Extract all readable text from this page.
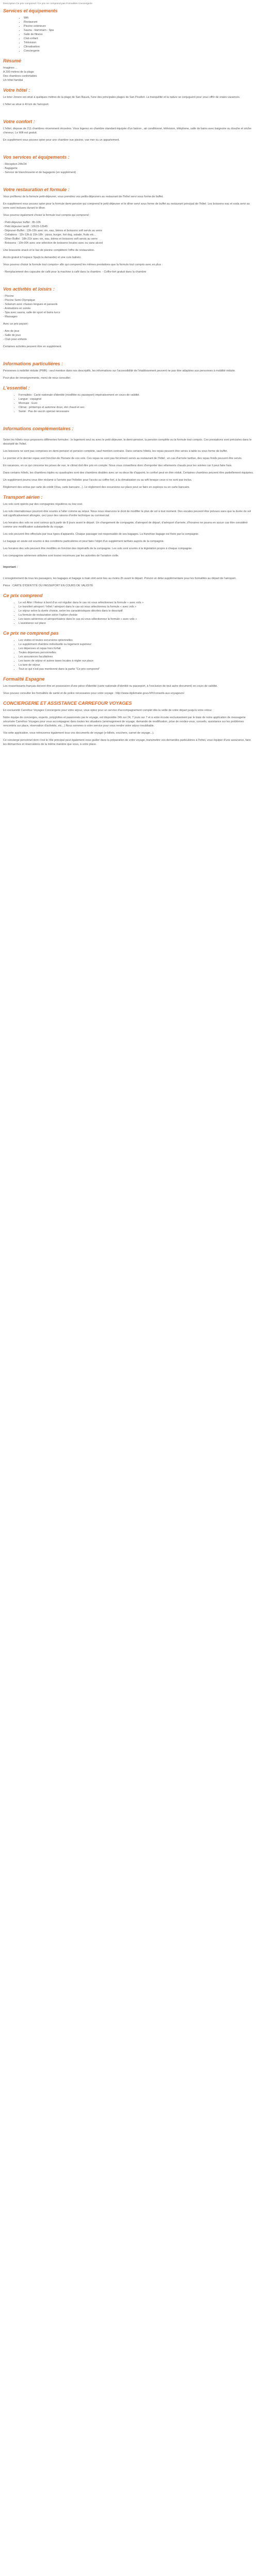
Description Ce prix comprend / Ce prix ne comprend pas Formalités Conciergerie
Services et équipements
• Wifi
• Restaurant
• Piscine extérieure
• Sauna - Hammam - Spa
• Salle de fitness
• Club enfant
• Télévision
• Climatisation
• Conciergerie
Résumé
Imagines ...
A 200 mètres de la plage
Des chambres confortables
Un hôtel familial
Votre hôtel :

Le brier Jonero est situé à quelques mètres de la plage de San Bauzá, l'une des principales plages de San Picafort. La tranquillité et la nature se conjuguent pour vous offrir de vraies vacances.

L'hôtel se situe à 40 km de l'aéroport.

Votre confort :

L'hôtel, dispose de 211 chambres récemment rénovées. Vous logerez en chambre standard équipée d'un balcon , air conditionné, télévision, téléphone, salle de bains avec baignoire ou douche et sèche cheveux. Le Wifi est gratuit.

En supplément vous pouvez opter pour une chambre vue piscine, vue mer ou un appartement.

Vos services et équipements :
- Réception 24h/24
- Bagagerie
- Service de blanchisserie et de bagagerie (en supplément)
Votre restauration et formule :

Vous profiterez de la formule petit-déjeuner, vous prendrez vos petits-déjeuners au restaurant de l'hôtel servi sous forme de buffet.

En supplément vous pouvez opter pour la formule demi-pension qui comprend le petit déjeuner et le dîner servi sous forme de buffet au restaurant principal de l'hôtel. Les boissons eau et soda servi au verre sont incluses durant le dîner.

Vous pourrez également choisir la formule tout compris qui comprend :

- Petit-déjeuner buffet : 8h-10h
- Petit déjeuner tardif : 10h15-12h45
- Déjeuner-Buffet : 13h-15h avec vin, eau, bières et boissons soft servis au verre
- Collations : 11h-13h & 15h-18h : pizza, burger, hot dog, salade, fruits etc...
- Dîner Buffet : 18h-21h avec vin, eau, bières et boissons soft servis au verre
- Boissons : 10h-00h avec une sélection de boissons locales avec ou sans alcool

Une brasserie-snack et le bar de piscine complètent l'offre de restauration.

Accès gratuit à l'espace Spa(à la demande) et une cure balnéo.

Vous pourrez choisir la formule tout compris+ afin qui comprend les mêmes prestations que la formule tout compris avec en plus :

- Remplacement des capsules de café pour la machine à café dans la chambre. - Coffre-fort gratuit dans la chambre

Vos activités et loisirs :
- Piscine
- Piscine Semi-Olympique
- Solarium avec chaises longues et parasols
- Animations en soirée
- Spa avec sauna, salle de sport et bains turcs
- Massages

Avec un prix payant :

- Aire de jeux
- Salle de jeux
- Club pour enfants

Certaines activités peuvent être en supplément.

Informations particulières :

Personnes à mobilité réduite (PMR) : seul mention dans nos descriptifs, les informations sur l'accessibilité de l'établissement peuvent ne pas être adaptées aux personnes à mobilité réduite.

Pour plus de renseignements, merci de nous consulter.

L'essentiel :
• Formalités : Carte nationale d'identité (modifiée ou passeport) impérativement en cours de validité.
• Langue : espagnol
• Monnaie : Euro
• Climat : printemps et automne doux, été chaud et sec.
• Santé : Pas de vaccin spécial nécessaire
Informations complémentaires :

Selon les hôtels nous proposons différentes formules : le logement seul ou avec le petit déjeuner, la demi-pension, la pension complète ou la formule tout compris. Ces prestations sont précisées dans le descriptif de l'hôtel.

Les boissons ne sont pas comprises en demi-pension et pension complète, sauf mention contraire. Dans certains hôtels, les repas peuvent être servis à table ou sous forme de buffet.

Le premier et le dernier repas sont fonction de l'horaire de vos vols. Ces repas ne sont pas forcément servis au restaurant de l'hôtel ; en cas d'arrivée tardive, des repas froids peuvent être servis.

En vacances, en ce qui concerne les prises de vue, le climat doit être pris en compte. Nous vous conseillons donc d'emporter des vêtements chauds pour les soirées car il peut faire frais.

Dans certains hôtels, les chambres triples ou quadruples sont des chambres doubles avec un ou deux lits d'appoint, le confort peut en être réduit. Certaines chambres peuvent être partiellement équipées.

Un supplément pourra vous être réclamé à l'arrivée par l'hôtelier pour l'accès au coffre-fort, à la climatisation ou au wifi lorsque ceux-ci ne sont pas inclus.

Réglement des extras par carte de crédit (Visa, carte bancaire...). Le règlement des excursions sur place peut se faire en espèces ou en carte bancaire.

Transport aérien :

Les vols sont opérés par des compagnies régulières ou low cost.

Les vols internationaux pourront être soumis à l'aller comme au retour. Nous nous réservons le droit de modifier le plan de vol à tout moment. Des escales peuvent être prévues sans que la durée du vol soit significativement allongée, ceci pour des raisons d'ordre technique ou commercial.

Les horaires des vols ne sont connus qu'à partir de 8 jours avant le départ. Un changement de compagnie, d'aéroport de départ, d'aéroport d'arrivée, d'horaires ne pourra en aucun cas être considéré comme une modification substantielle du voyage.

Les vols peuvent être effectués par tous types d'appareils. Chaque passager est responsable de ses bagages. La franchise bagage est fixée par la compagnie.

Le bagage en soute est soumis à des conditions particulières et peut faire l'objet d'un supplément tarifaire auprès de la compagnie.

Les horaires des vols peuvent être modifiés en fonction des impératifs de la compagnie. Les vols sont soumis à la législation propre à chaque compagnie.

Les compagnies aériennes utilisées sont toutes reconnues par les autorités de l'aviation civile.

Important :

L'enregistrement de tous les passagers, les bagages et bagage à main doit avoir lieu au moins 2h avant le départ. Prévoir un délai supplémentaire pour les formalités au départ de l'aéroport.

Pièce : CARTE D'IDENTITÉ OU PASSEPORT EN COURS DE VALIDITÉ

Ce prix comprend
• Le vol Aller / Retour à bord d'un vol régulier dans le cas où vous sélectionnez la formule « avec vols »
• Le transfert aéroport / hôtel / aéroport dans le cas où vous sélectionnez la formule « avec vols »
• Le séjour selon la durée choisie, selon les caractéristiques décrites dans le descriptif
• La formule de restauration selon l'option choisie
• Les taxes aériennes et aéroportuaires dans le cas où vous sélectionnez la formule « avec vols »
• L'assistance sur place
Ce prix ne comprend pas
• Les visites et toutes excursions optionnelles
• Le supplément chambre individuelle ou logement supérieur
• Les dépenses et repas hors forfait
• Toutes dépenses personnelles
• Les assurances facultatives
• Les taxes de séjour et autres taxes locales à régler sur place
• La taxe de séjour
• Tout ce qui n'est pas mentionné dans la partie "Ce prix comprend"
Formalité Espagne

Les ressortissants français doivent être en possession d'une pièce d'identité (carte nationale d'identité ou passeport, à l'exclusion de tout autre document) en cours de validité.

Vous pouvez consulter les formalités de santé et de police nécessaires pour votre voyage : http://www.diplomatie.gouv.fr/fr/conseils-aux-voyageurs/

CONCIERGERIE ET ASSISTANCE CARREFOUR VOYAGES

En exclusivité Carrefour Voyages Conciergerie pour votre séjour, vous optez pour un service d'accompagnement complet dès la veille de votre départ jusqu'à votre retour.

Notre équipe de concierges, experts, polyglottes et passionnés par le voyage, est disponible 24h sur 24, 7 jours sur 7 et à votre écoute exclusivement par le biais de notre application de messagerie sécurisée Carrefour Voyages pour vous accompagner dans toutes les situations (aménagement de voyage, demande de modification, prise de rendez-vous, conseils, assistance sur les problèmes rencontrés sur place, réservation d'activités, etc...) Nous sommes à votre service pour vous rendre votre séjour inoubliable.

Via cette application, vous retrouverez également tous vos documents de voyage (e-billets, vouchers, carnet de voyage...).

Ce concierge personnel dont c'est le rôle principal peut également vous guider dans la préparation de votre voyage, transmettre vos demandes particulières à l'hôtel, vous équiper d'une assurance, faire les démarches et réservations de la même manière que vous, à votre place.
